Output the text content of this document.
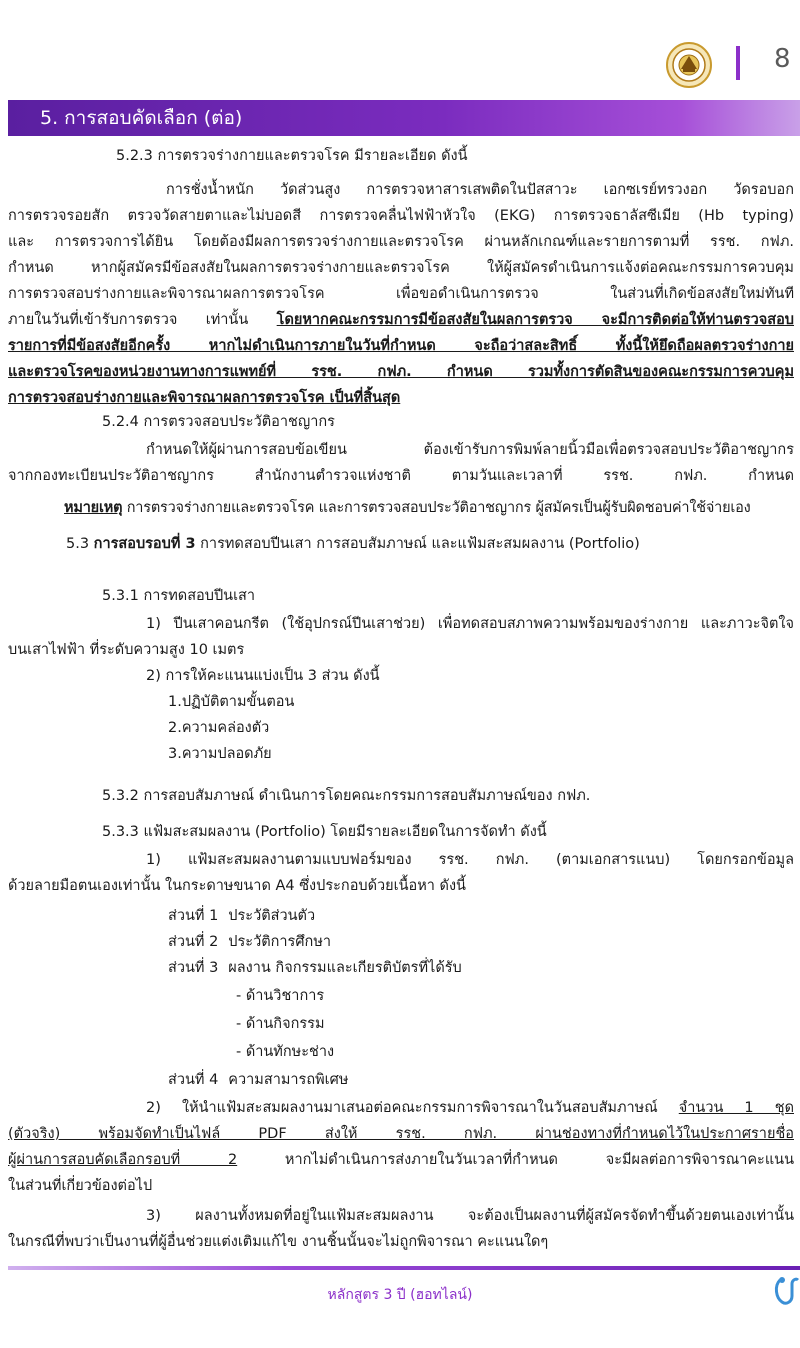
8
5. การสอบคัดเลือก (ต่อ)
5.2.3 การตรวจร่างกายและตรวจโรค มีรายละเอียด ดังนี้
การชั่งน้ำหนัก วัดส่วนสูง การตรวจหาสารเสพติดในปัสสาวะ เอกซเรย์ทรวงอก วัดรอบอก
การตรวจรอยสัก ตรวจวัดสายตาและไม่บอดสี การตรวจคลื่นไฟฟ้าหัวใจ (EKG) การตรวจธาลัสซีเมีย (Hb typing)
และ การตรวจการได้ยิน โดยต้องมีผลการตรวจร่างกายและตรวจโรค ผ่านหลักเกณฑ์และรายการตามที่ รรช. กฟภ.
กำหนด หากผู้สมัครมีข้อสงสัยในผลการตรวจร่างกายและตรวจโรค ให้ผู้สมัครดำเนินการแจ้งต่อคณะกรรมการควบคุม
การตรวจสอบร่างกายและพิจารณาผลการตรวจโรค เพื่อขอดำเนินการตรวจ ในส่วนที่เกิดข้อสงสัยใหม่ทันที
ภายในวันที่เข้ารับการตรวจ เท่านั้น โดยหากคณะกรรมการมีข้อสงสัยในผลการตรวจ จะมีการติดต่อให้ท่านตรวจสอบ
รายการที่มีข้อสงสัยอีกครั้ง หากไม่ดำเนินการภายในวันที่กำหนด จะถือว่าสละสิทธิ์ ทั้งนี้ให้ยึดถือผลตรวจร่างกาย
และตรวจโรคของหน่วยงานทางการแพทย์ที่ รรช. กฟภ. กำหนด รวมทั้งการตัดสินของคณะกรรมการควบคุม
การตรวจสอบร่างกายและพิจารณาผลการตรวจโรค เป็นที่สิ้นสุด
5.2.4 การตรวจสอบประวัติอาชญากร
กำหนดให้ผู้ผ่านการสอบข้อเขียน ต้องเข้ารับการพิมพ์ลายนิ้วมือเพื่อตรวจสอบประวัติอาชญากร
จากกองทะเบียนประวัติอาชญากร สำนักงานตำรวจแห่งชาติ ตามวันและเวลาที่ รรช. กฟภ. กำหนด
หมายเหตุ การตรวจร่างกายและตรวจโรค และการตรวจสอบประวัติอาชญากร ผู้สมัครเป็นผู้รับผิดชอบค่าใช้จ่ายเอง
5.3 การสอบรอบที่ 3 การทดสอบปีนเสา การสอบสัมภาษณ์ และแฟ้มสะสมผลงาน (Portfolio)
5.3.1 การทดสอบปีนเสา
1) ปีนเสาคอนกรีต (ใช้อุปกรณ์ปีนเสาช่วย) เพื่อทดสอบสภาพความพร้อมของร่างกาย และภาวะจิตใจ
บนเสาไฟฟ้า ที่ระดับความสูง 10 เมตร
2) การให้คะแนนแบ่งเป็น 3 ส่วน ดังนี้
1.ปฏิบัติตามขั้นตอน
2.ความคล่องตัว
3.ความปลอดภัย
5.3.2 การสอบสัมภาษณ์ ดำเนินการโดยคณะกรรมการสอบสัมภาษณ์ของ กฟภ.
5.3.3 แฟ้มสะสมผลงาน (Portfolio) โดยมีรายละเอียดในการจัดทำ ดังนี้
1) แฟ้มสะสมผลงานตามแบบฟอร์มของ รรช. กฟภ. (ตามเอกสารแนบ) โดยกรอกข้อมูล
ด้วยลายมือตนเองเท่านั้น ในกระดาษขนาด A4 ซึ่งประกอบด้วยเนื้อหา ดังนี้
ส่วนที่ 1 ประวัติส่วนตัว
ส่วนที่ 2 ประวัติการศึกษา
ส่วนที่ 3 ผลงาน กิจกรรมและเกียรติบัตรที่ได้รับ
- ด้านวิชาการ
- ด้านกิจกรรม
- ด้านทักษะช่าง
ส่วนที่ 4 ความสามารถพิเศษ
2) ให้นำแฟ้มสะสมผลงานมาเสนอต่อคณะกรรมการพิจารณาในวันสอบสัมภาษณ์ จำนวน 1 ชุด
(ตัวจริง) พร้อมจัดทำเป็นไฟล์ PDF ส่งให้ รรช. กฟภ. ผ่านช่องทางที่กำหนดไว้ในประกาศรายชื่อ
ผู้ผ่านการสอบคัดเลือกรอบที่ 2 หากไม่ดำเนินการส่งภายในวันเวลาที่กำหนด จะมีผลต่อการพิจารณาคะแนน
ในส่วนที่เกี่ยวข้องต่อไป
3) ผลงานทั้งหมดที่อยู่ในแฟ้มสะสมผลงาน จะต้องเป็นผลงานที่ผู้สมัครจัดทำขึ้นด้วยตนเองเท่านั้น
ในกรณีที่พบว่าเป็นงานที่ผู้อื่นช่วยแต่งเติมแก้ไข งานชิ้นนั้นจะไม่ถูกพิจารณา คะแนนใดๆ
หลักสูตร 3 ปี (ฮอทไลน์)
